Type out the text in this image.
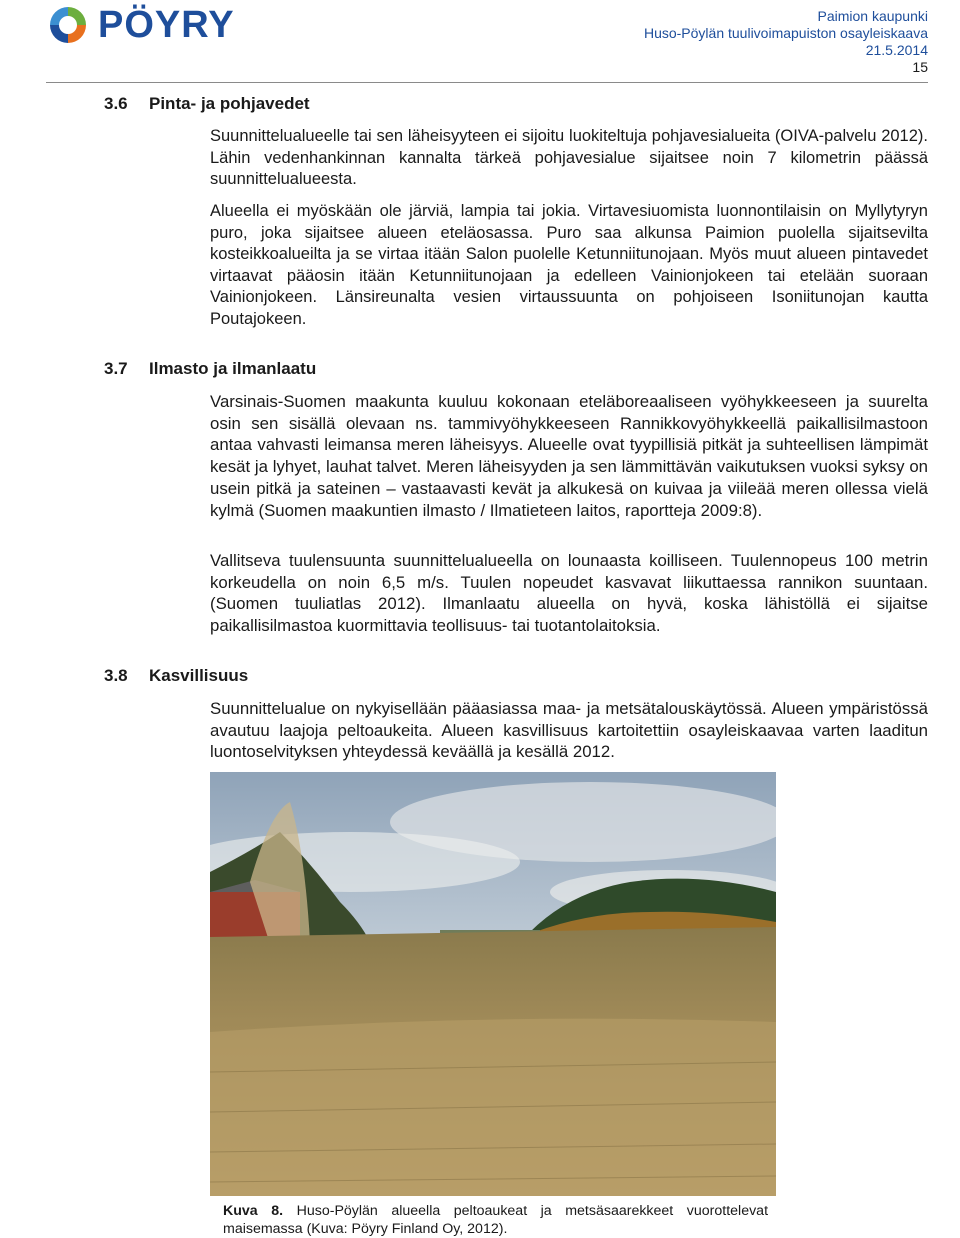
PÖYRY	Paimion kaupunki
Huso-Pöylän tuulivoimapuiston osayleiskaava
21.5.2014
15
3.6 Pinta- ja pohjavedet

Suunnittelualueelle tai sen läheisyyteen ei sijoitu luokiteltuja pohjavesialueita (OIVA-palvelu 2012). Lähin vedenhankinnan kannalta tärkeä pohjavesialue sijaitsee noin 7 kilometrin päässä suunnittelualueesta.

Alueella ei myöskään ole järviä, lampia tai jokia. Virtavesiuomista luonnontilaisin on Myllytyryn puro, joka sijaitsee alueen eteläosassa. Puro saa alkunsa Paimion puolella sijaitsevilta kosteikkoalueilta ja se virtaa itään Salon puolelle Ketunniitunojaan. Myös muut alueen pintavedet virtaavat pääosin itään Ketunniitunojaan ja edelleen Vainionjokeen tai etelään suoraan Vainionjokeen. Länsireunalta vesien virtaussuunta on pohjoiseen Isoniitunojan kautta Poutajokeen.

3.7 Ilmasto ja ilmanlaatu

Varsinais-Suomen maakunta kuuluu kokonaan eteläboreaaliseen vyöhykkeeseen ja suurelta osin sen sisällä olevaan ns. tammivyöhykkeeseen Rannikkovyöhykkeellä paikallisilmastoon antaa vahvasti leimansa meren läheisyys. Alueelle ovat tyypillisiä pitkät ja suhteellisen lämpimät kesät ja lyhyet, lauhat talvet. Meren läheisyyden ja sen lämmittävän vaikutuksen vuoksi syksy on usein pitkä ja sateinen – vastaavasti kevät ja alkukesä on kuivaa ja viileää meren ollessa vielä kylmä (Suomen maakuntien ilmasto / Ilmatieteen laitos, raportteja 2009:8).

Vallitseva tuulensuunta suunnittelualueella on lounaasta koilliseen. Tuulennopeus 100 metrin korkeudella on noin 6,5 m/s. Tuulen nopeudet kasvavat liikuttaessa rannikon suuntaan. (Suomen tuuliatlas 2012). Ilmanlaatu alueella on hyvä, koska lähistöllä ei sijaitse paikallisilmastoa kuormittavia teollisuus- tai tuotantolaitoksia.

3.8 Kasvillisuus

Suunnittelualue on nykyisellään pääasiassa maa- ja metsätalouskäytössä. Alueen ympäristössä avautuu laajoja peltoaukeita. Alueen kasvillisuus kartoitettiin osayleiskaavaa varten laaditun luontoselvityksen yhteydessä keväällä ja kesällä 2012.

Kuva 8. Huso-Pöylän alueella peltoaukeat ja metsäsaarekkeet vuorottelevat maisemassa (Kuva: Pöyry Finland Oy, 2012).
